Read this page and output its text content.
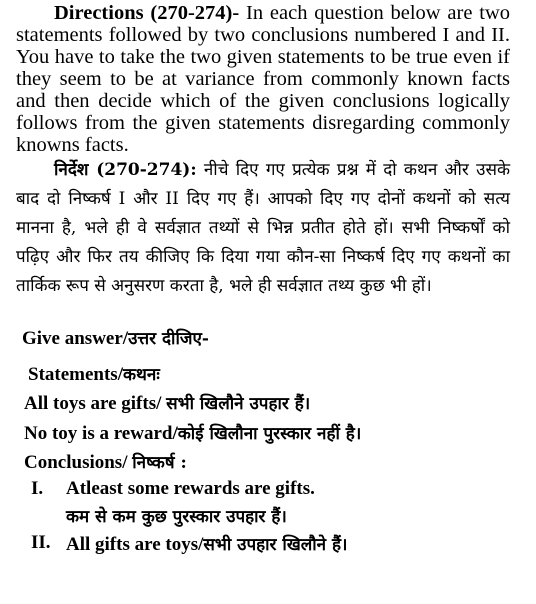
Directions (270-274)- In each question below are two statements followed by two conclusions numbered I and II. You have to take the two given statements to be true even if they seem to be at variance from commonly known facts and then decide which of the given conclusions logically follows from the given statements disregarding commonly knowns facts.

निर्देश (270-274): नीचे दिए गए प्रत्येक प्रश्न में दो कथन और उसके बाद दो निष्कर्ष I और II दिए गए हैं। आपको दिए गए दोनों कथनों को सत्य मानना है, भले ही वे सर्वज्ञात तथ्यों से भिन्न प्रतीत होते हों। सभी निष्कर्षों को पढ़िए और फिर तय कीजिए कि दिया गया कौन-सा निष्कर्ष दिए गए कथनों का तार्किक रूप से अनुसरण करता है, भले ही सर्वज्ञात तथ्य कुछ भी हों।

Give answer/उत्तर दीजिए-
Statements/कथनः
All toys are gifts/ सभी खिलौने उपहार हैं।
No toy is a reward/कोई खिलौना पुरस्कार नहीं है।
Conclusions/ निष्कर्ष :
I. Atleast some rewards are gifts.
कम से कम कुछ पुरस्कार उपहार हैं।
II. All gifts are toys/सभी उपहार खिलौने हैं।
